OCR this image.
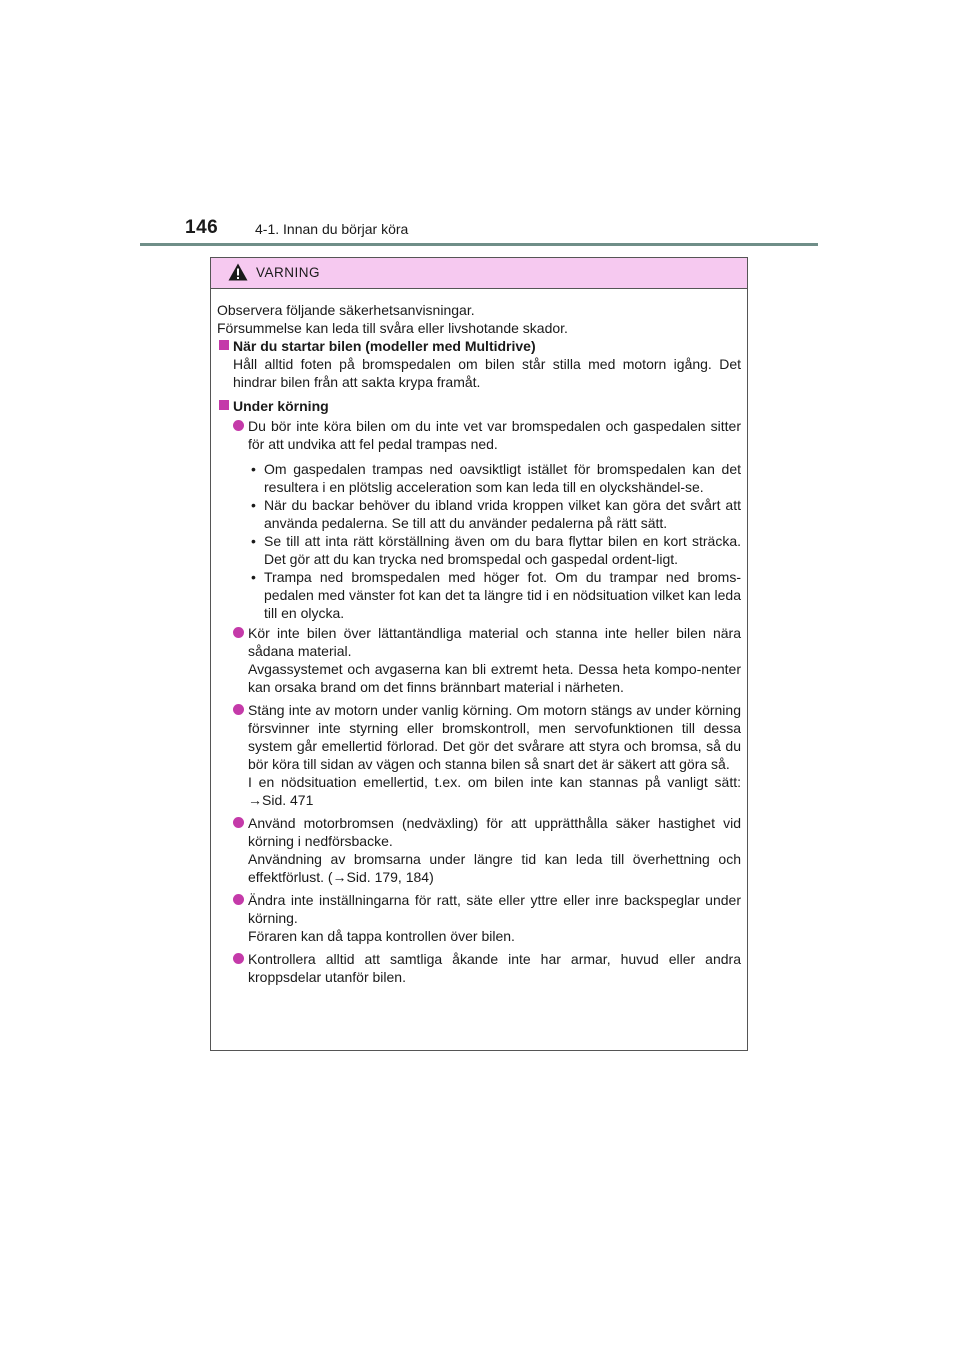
146	4-1. Innan du börjar köra
VARNING

Observera följande säkerhetsanvisningar.

Försummelse kan leda till svåra eller livshotande skador.

När du startar bilen (modeller med Multidrive)

Håll alltid foten på bromspedalen om bilen står stilla med motorn igång. Det hindrar bilen från att sakta krypa framåt.

Under körning

Du bör inte köra bilen om du inte vet var bromspedalen och gaspedalen sitter för att undvika att fel pedal trampas ned.

• Om gaspedalen trampas ned oavsiktligt istället för bromspedalen kan det resultera i en plötslig acceleration som kan leda till en olyckshändel-se.

• När du backar behöver du ibland vrida kroppen vilket kan göra det svårt att använda pedalerna. Se till att du använder pedalerna på rätt sätt.

• Se till att inta rätt körställning även om du bara flyttar bilen en kort sträcka. Det gör att du kan trycka ned bromspedal och gaspedal ordent-ligt.

• Trampa ned bromspedalen med höger fot. Om du trampar ned broms-pedalen med vänster fot kan det ta längre tid i en nödsituation vilket kan leda till en olycka.

Kör inte bilen över lättantändliga material och stanna inte heller bilen nära sådana material.

Avgassystemet och avgaserna kan bli extremt heta. Dessa heta kompo-nenter kan orsaka brand om det finns brännbart material i närheten.

Stäng inte av motorn under vanlig körning. Om motorn stängs av under körning försvinner inte styrning eller bromskontroll, men servofunktionen till dessa system går emellertid förlorad. Det gör det svårare att styra och bromsa, så du bör köra till sidan av vägen och stanna bilen så snart det är säkert att göra så.

I en nödsituation emellertid, t.ex. om bilen inte kan stannas på vanligt sätt: →Sid. 471

Använd motorbromsen (nedväxling) för att upprätthålla säker hastighet vid körning i nedförsbacke.

Användning av bromsarna under längre tid kan leda till överhettning och effektförlust. (→Sid. 179, 184)

Ändra inte inställningarna för ratt, säte eller yttre eller inre backspeglar under körning.

Föraren kan då tappa kontrollen över bilen.

Kontrollera alltid att samtliga åkande inte har armar, huvud eller andra kroppsdelar utanför bilen.
